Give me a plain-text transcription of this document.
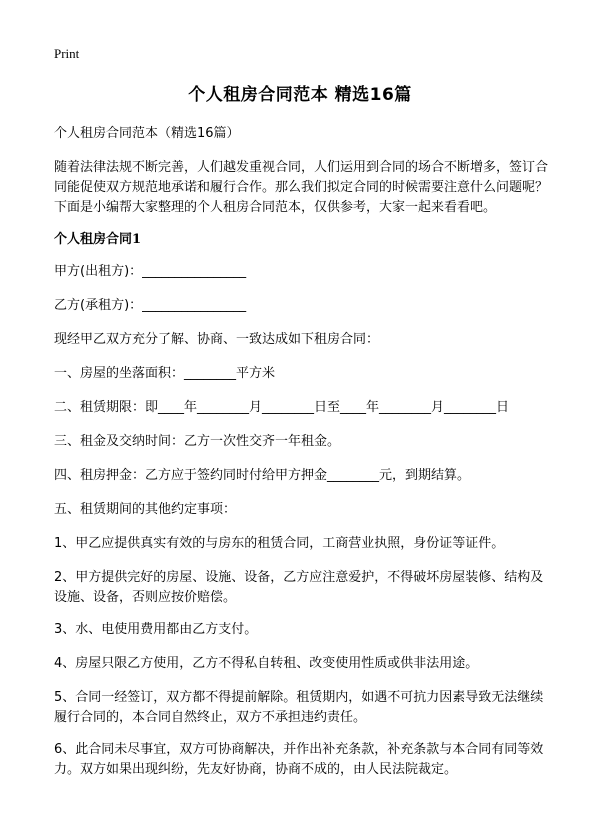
Print
个人租房合同范本 精选16篇

个人租房合同范本（精选16篇）

随着法律法规不断完善，人们越发重视合同，人们运用到合同的场合不断增多，签订合同能促使双方规范地承诺和履行合作。那么我们拟定合同的时候需要注意什么问题呢？下面是小编帮大家整理的个人租房合同范本，仅供参考，大家一起来看看吧。

个人租房合同1

甲方(出租方)：________________

乙方(承租方)：________________

现经甲乙双方充分了解、协商、一致达成如下租房合同：

一、房屋的坐落面积：________平方米

二、租赁期限：即____年________月________日至____年________月________日

三、租金及交纳时间：乙方一次性交齐一年租金。

四、租房押金：乙方应于签约同时付给甲方押金________元，到期结算。

五、租赁期间的其他约定事项：

1、甲乙应提供真实有效的与房东的租赁合同，工商营业执照，身份证等证件。

2、甲方提供完好的房屋、设施、设备，乙方应注意爱护，不得破坏房屋装修、结构及设施、设备，否则应按价赔偿。

3、水、电使用费用都由乙方支付。

4、房屋只限乙方使用，乙方不得私自转租、改变使用性质或供非法用途。

5、合同一经签订，双方都不得提前解除。租赁期内，如遇不可抗力因素导致无法继续履行合同的，本合同自然终止，双方不承担违约责任。

6、此合同未尽事宜，双方可协商解决，并作出补充条款，补充条款与本合同有同等效力。双方如果出现纠纷，先友好协商，协商不成的，由人民法院裁定。
